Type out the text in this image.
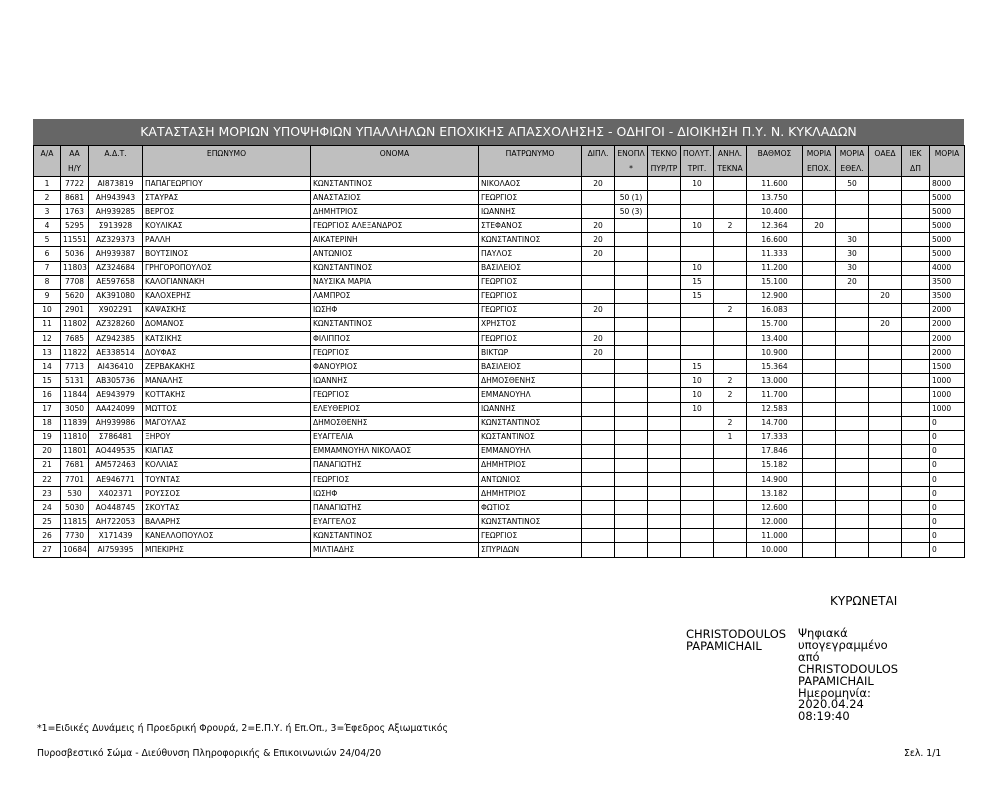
ΚΑΤΑΣΤΑΣΗ ΜΟΡΙΩΝ ΥΠΟΨΗΦΙΩΝ ΥΠΑΛΛΗΛΩΝ ΕΠΟΧΙΚΗΣ ΑΠΑΣΧΟΛΗΣΗΣ - ΟΔΗΓΟΙ - ΔΙΟΙΚΗΣΗ Π.Υ. Ν. ΚΥΚΛΑΔΩΝ
Α/Α	ΑΑ	Α.Δ.Τ.	ΕΠΩΝΥΜΟ	ΟΝΟΜΑ	ΠΑΤΡΩΝΥΜΟ	ΔΙΠΛ.	ΕΝΟΠΛ	ΤΕΚΝΟ	ΠΟΛΥΤ.	ΑΝΗΛ.	ΒΑΘΜΟΣ	ΜΟΡΙΑ	ΜΟΡΙΑ	ΟΑΕΔ	ΙΕΚ	ΜΟΡΙΑ
	Η/Υ						*	ΠΥΡ/ΤΡ	ΤΡΙΤ.	ΤΕΚΝΑ		ΕΠΟΧ.	ΕΘΕΛ.		ΔΠ	
1	7722	ΑΙ873819	ΠΑΠΑΓΕΩΡΓΙΟΥ	ΚΩΝΣΤΑΝΤΙΝΟΣ	ΝΙΚΟΛΑΟΣ	20			10		11.600		50			8000
2	8681	ΑΗ943943	ΣΤΑΥΡΑΣ	ΑΝΑΣΤΑΣΙΟΣ	ΓΕΩΡΓΙΟΣ		50 (1)				13.750					5000
3	1763	ΑΗ939285	ΒΕΡΓΟΣ	ΔΗΜΗΤΡΙΟΣ	ΙΩΑΝΝΗΣ		50 (3)				10.400					5000
4	5295	Σ913928	ΚΟΥΛΙΚΑΣ	ΓΕΩΡΓΙΟΣ ΑΛΕΞΑΝΔΡΟΣ	ΣΤΕΦΑΝΟΣ	20			10	2	12.364	20				5000
5	11551	ΑΖ329373	ΡΑΛΛΗ	ΑΙΚΑΤΕΡΙΝΗ	ΚΩΝΣΤΑΝΤΙΝΟΣ	20					16.600		30			5000
6	5036	ΑΗ939387	ΒΟΥΤΣΙΝΟΣ	ΑΝΤΩΝΙΟΣ	ΠΑΥΛΟΣ	20					11.333		30			5000
7	11803	ΑΖ324684	ΓΡΗΓΟΡΟΠΟΥΛΟΣ	ΚΩΝΣΤΑΝΤΙΝΟΣ	ΒΑΣΙΛΕΙΟΣ				10		11.200		30			4000
8	7708	ΑΕ597658	ΚΑΛΟΓΙΑΝΝΑΚΗ	ΝΑΥΣΙΚΑ ΜΑΡΙΑ	ΓΕΩΡΓΙΟΣ				15		15.100		20			3500
9	5620	ΑΚ391080	ΚΑΛΟΧΕΡΗΣ	ΛΑΜΠΡΟΣ	ΓΕΩΡΓΙΟΣ				15		12.900			20		3500
10	2901	Χ902291	ΚΑΨΑΣΚΗΣ	ΙΩΣΗΦ	ΓΕΩΡΓΙΟΣ	20				2	16.083					2000
11	11802	ΑΖ328260	ΔΟΜΑΝΟΣ	ΚΩΝΣΤΑΝΤΙΝΟΣ	ΧΡΗΣΤΟΣ						15.700			20		2000
12	7685	ΑΖ942385	ΚΑΤΣΙΚΗΣ	ΦΙΛΙΠΠΟΣ	ΓΕΩΡΓΙΟΣ	20					13.400					2000
13	11822	ΑΕ338514	ΔΟΥΦΑΣ	ΓΕΩΡΓΙΟΣ	ΒΙΚΤΩΡ	20					10.900					2000
14	7713	ΑΙ436410	ΖΕΡΒΑΚΑΚΗΣ	ΦΑΝΟΥΡΙΟΣ	ΒΑΣΙΛΕΙΟΣ				15		15.364					1500
15	5131	ΑΒ305736	ΜΑΝΑΛΗΣ	ΙΩΑΝΝΗΣ	ΔΗΜΟΣΘΕΝΗΣ				10	2	13.000					1000
16	11844	ΑΕ943979	ΚΟΤΤΑΚΗΣ	ΓΕΩΡΓΙΟΣ	ΕΜΜΑΝΟΥΗΛ				10	2	11.700					1000
17	3050	ΑΑ424099	ΜΩΤΤΟΣ	ΕΛΕΥΘΕΡΙΟΣ	ΙΩΑΝΝΗΣ				10		12.583					1000
18	11839	ΑΗ939986	ΜΑΓΟΥΛΑΣ	ΔΗΜΟΣΘΕΝΗΣ	ΚΩΝΣΤΑΝΤΙΝΟΣ					2	14.700					0
19	11810	Σ786481	ΞΗΡΟΥ	ΕΥΑΓΓΕΛΙΑ	ΚΩΣΤΑΝΤΙΝΟΣ					1	17.333					0
20	11801	ΑΟ449535	ΚΙΑΓΙΑΣ	ΕΜΜΑΜΝΟΥΗΛ ΝΙΚΟΛΑΟΣ	ΕΜΜΑΝΟΥΗΛ						17.846					0
21	7681	ΑΜ572463	ΚΟΛΛΙΑΣ	ΠΑΝΑΓΙΩΤΗΣ	ΔΗΜΗΤΡΙΟΣ						15.182					0
22	7701	ΑΕ946771	ΤΟΥΝΤΑΣ	ΓΕΩΡΓΙΟΣ	ΑΝΤΩΝΙΟΣ						14.900					0
23	530	Χ402371	ΡΟΥΣΣΟΣ	ΙΩΣΗΦ	ΔΗΜΗΤΡΙΟΣ						13.182					0
24	5030	ΑΟ448745	ΣΚΟΥΤΑΣ	ΠΑΝΑΓΙΩΤΗΣ	ΦΩΤΙΟΣ						12.600					0
25	11815	ΑΗ722053	ΒΑΛΑΡΗΣ	ΕΥΑΓΓΕΛΟΣ	ΚΩΝΣΤΑΝΤΙΝΟΣ						12.000					0
26	7730	Χ171439	ΚΑΝΕΛΛΟΠΟΥΛΟΣ	ΚΩΝΣΤΑΝΤΙΝΟΣ	ΓΕΩΡΓΙΟΣ						11.000					0
27	10684	ΑΙ759395	ΜΠΕΚΙΡΗΣ	ΜΙΛΤΙΑΔΗΣ	ΣΠΥΡΙΔΩΝ						10.000					0
ΚΥΡΩΝΕΤΑΙ
CHRISTODOULOS
PAPAMICHAIL
Ψηφιακά
υπογεγραμμένο
από
CHRISTODOULOS
PAPAMICHAIL
Ημερομηνία:
2020.04.24
08:19:40
*1=Ειδικές Δυνάμεις ή Προεδρική Φρουρά, 2=Ε.Π.Υ. ή Επ.Οπ., 3=Έφεδρος Αξιωματικός
Πυροσβεστικό Σώμα - Διεύθυνση Πληροφορικής & Επικοινωνιών 24/04/20	Σελ. 1/1
